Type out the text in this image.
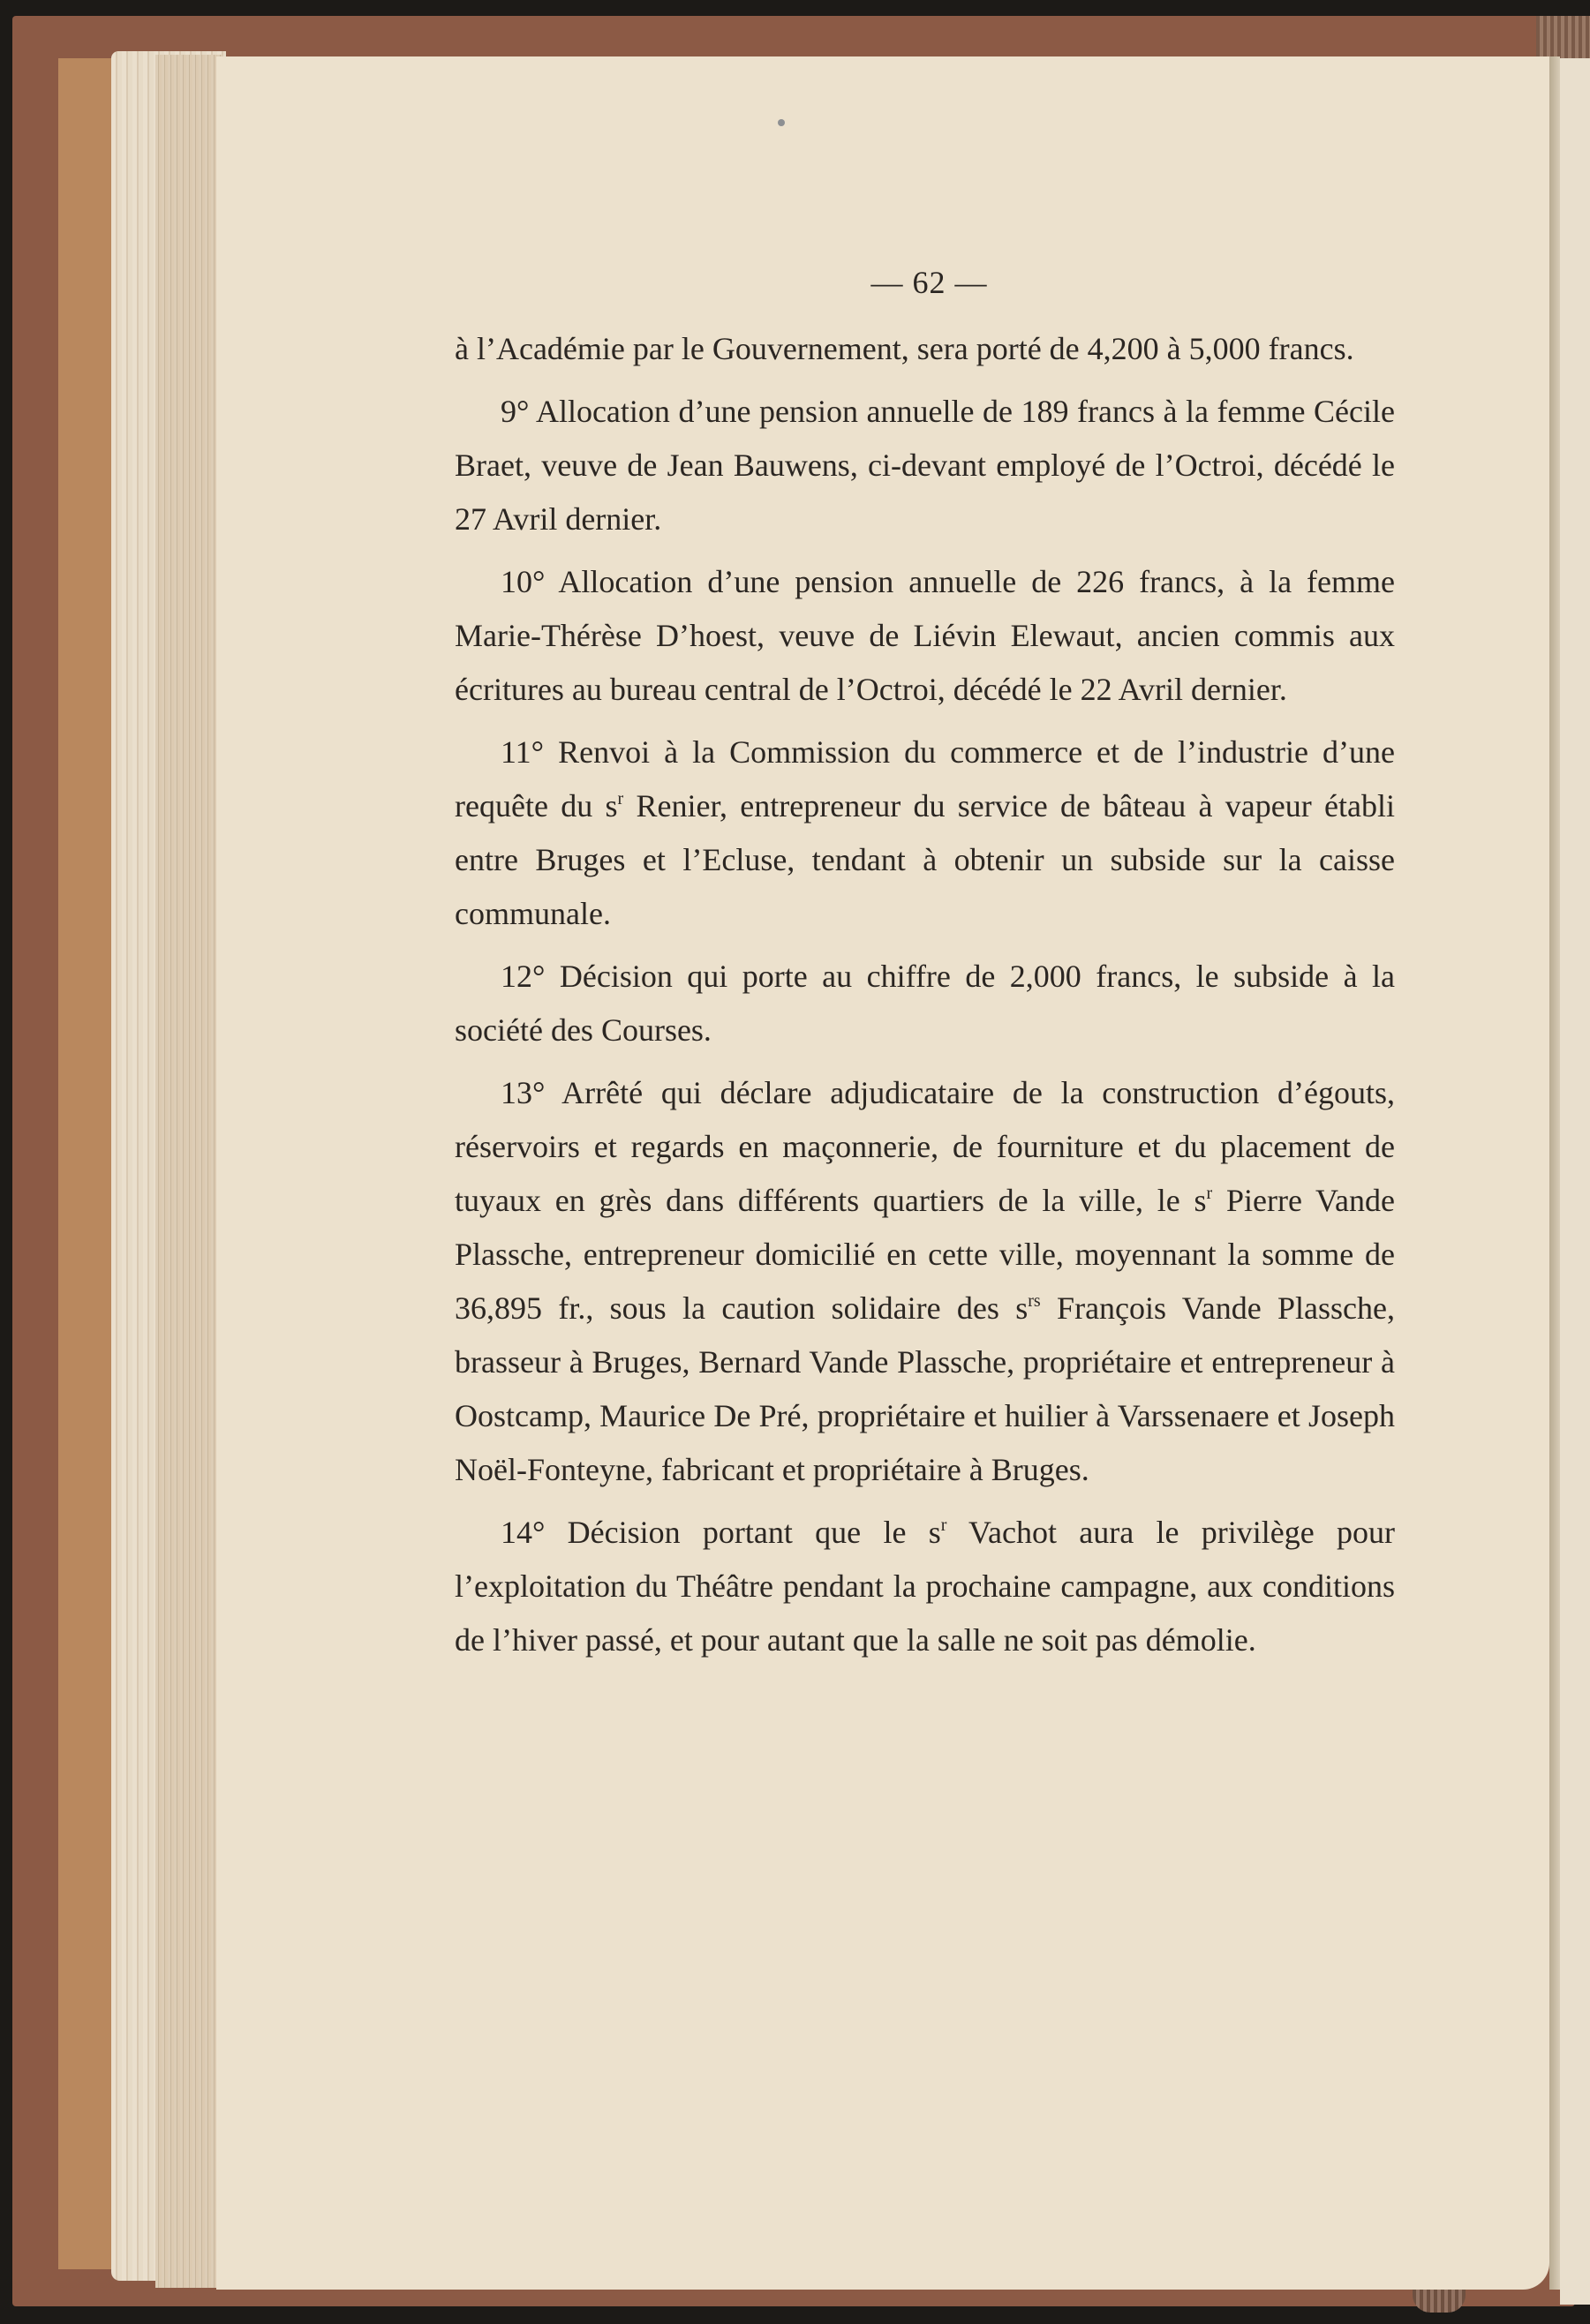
— 62 —

à l’Académie par le Gouvernement, sera porté de 4,200 à 5,000 francs.

9° Allocation d’une pension annuelle de 189 francs à la femme Cécile Braet, veuve de Jean Bauwens, ci-devant employé de l’Octroi, décédé le 27 Avril dernier.

10° Allocation d’une pension annuelle de 226 francs, à la femme Marie-Thérèse D’hoest, veuve de Liévin Elewaut, ancien commis aux écritures au bureau central de l’Octroi, décédé le 22 Avril dernier.

11° Renvoi à la Commission du commerce et de l’industrie d’une requête du $s^r$ Renier, entrepreneur du service de bâteau à vapeur établi entre Bruges et l’Ecluse, tendant à obtenir un subside sur la caisse communale.

12° Décision qui porte au chiffre de 2,000 francs, le subside à la société des Courses.

13° Arrêté qui déclare adjudicataire de la construction d’égouts, réservoirs et regards en maçonnerie, de fourniture et du placement de tuyaux en grès dans différents quartiers de la ville, le $s^r$ Pierre Vande Plassche, entrepreneur domicilié en cette ville, moyennant la somme de 36,895 fr., sous la caution solidaire des $s^{rs}$ François Vande Plassche, brasseur à Bruges, Bernard Vande Plassche, propriétaire et entrepreneur à Oostcamp, Maurice De Pré, propriétaire et huilier à Varssenaere et Joseph Noël-Fonteyne, fabricant et propriétaire à Bruges.

14° Décision portant que le $s^r$ Vachot aura le privilège pour l’exploitation du Théâtre pendant la prochaine campagne, aux conditions de l’hiver passé, et pour autant que la salle ne soit pas démolie.
